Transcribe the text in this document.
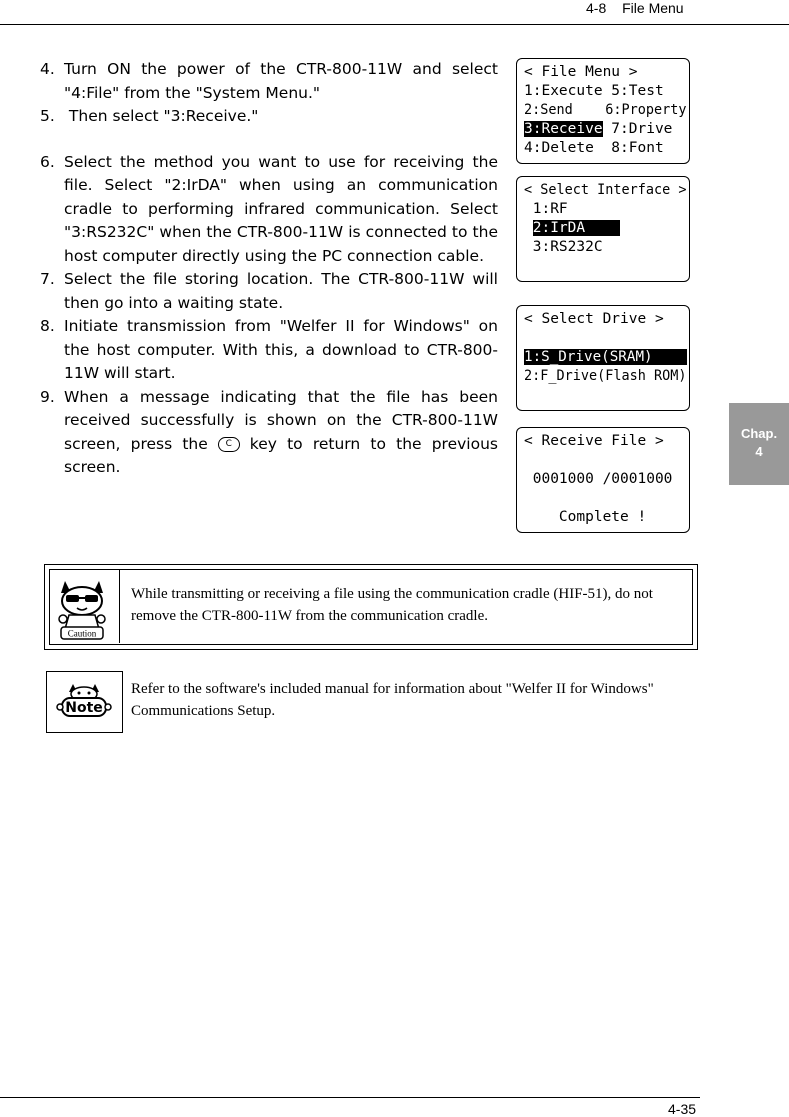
4-8 File Menu
4. Turn ON the power of the CTR-800-11W and select "4:File" from the "System Menu."
5. Then select "3:Receive."
6. Select the method you want to use for receiving the file. Select "2:IrDA" when using an communication cradle to performing infrared communication. Select "3:RS232C" when the CTR-800-11W is connected to the host computer directly using the PC connection cable.
7. Select the file storing location. The CTR-800-11W will then go into a waiting state.
8. Initiate transmission from "Welfer II for Windows" on the host computer. With this, a download to CTR-800-11W will start.
9. When a message indicating that the file has been received successfully is shown on the CTR-800-11W screen, press the C key to return to the previous screen.
< File Menu >
1:Execute 5:Test
2:Send    6:Property
3:Receive 7:Drive
4:Delete  8:Font
< Select Interface >
1:RF
2:IrDA
3:RS232C
< Select Drive >
1:S_Drive(SRAM)
2:F_Drive(Flash ROM)
< Receive File >
0001000 /0001000
Complete !
Chap.
4
Caution
While transmitting or receiving a file using the communication cradle (HIF-51), do not remove the CTR-800-11W from the communication cradle.
Note
Refer to the software's included manual for information about "Welfer II for Windows" Communications Setup.
4-35
